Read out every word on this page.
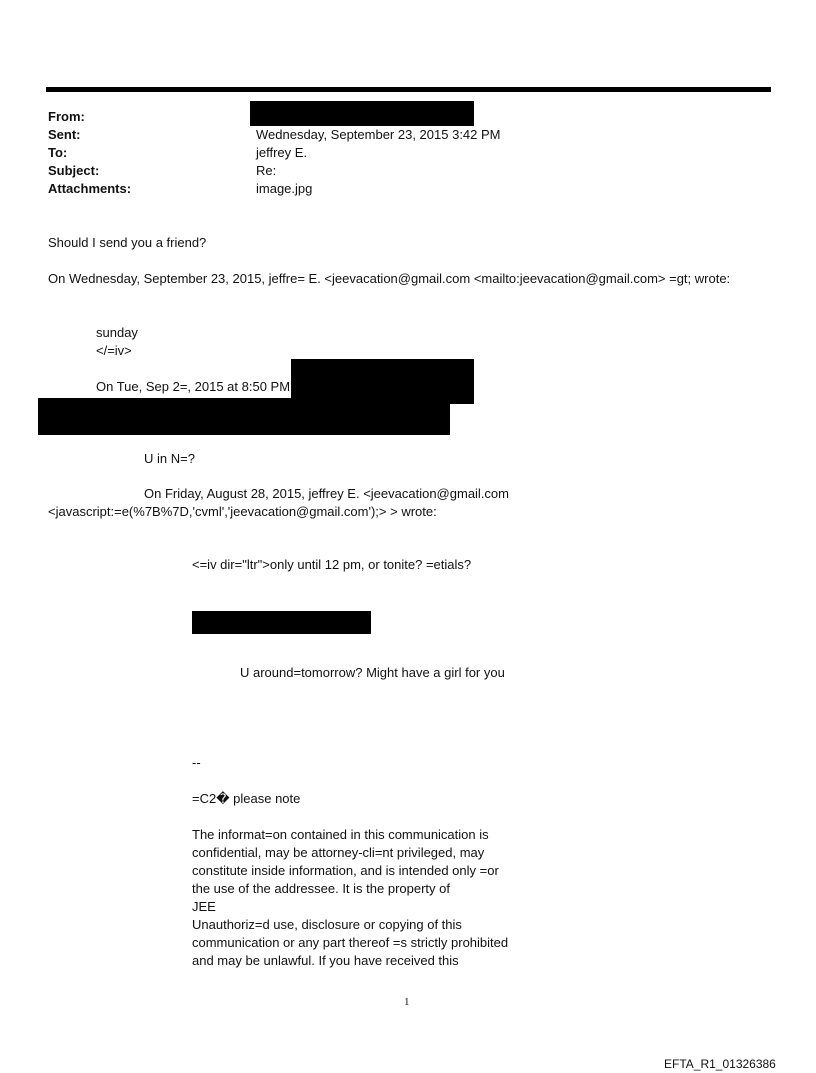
From:
Sent:
To:
Subject:
Attachments:
Wednesday, September 23, 2015 3:42 PM
jeffrey E.
Re:
image.jpg
Should I send you a friend?
On Wednesday, September 23, 2015, jeffre= E. <jeevacation@gmail.com <mailto:jeevacation@gmail.com> =gt; wrote:
sunday
</=iv>
On Tue, Sep 2=, 2015 at 8:50 PM
U in N=?
On Friday, August 28, 2015, jeffrey E. <jeevacation@gmail.com
<javascript:=e(%7B%7D,'cvml','jeevacation@gmail.com');> > wrote:
<=iv dir="ltr">only until 12 pm, or tonite? =etials?
U around=tomorrow? Might have a girl for you
--
=C2� please note
The informat=on contained in this communication is
confidential, may be attorney-cli=nt privileged, may
constitute inside information, and is intended only =or
the use of the addressee. It is the property of
JEE
Unauthoriz=d use, disclosure or copying of this
communication or any part thereof =s strictly prohibited
and may be unlawful. If you have received this
1
EFTA_R1_01326386
